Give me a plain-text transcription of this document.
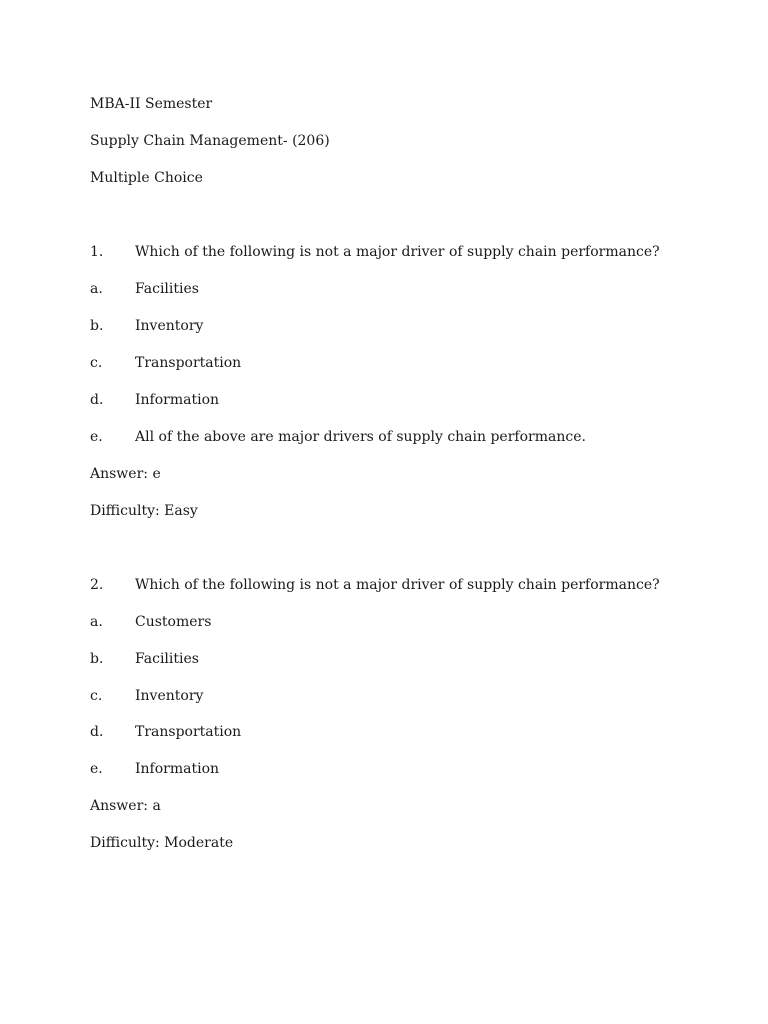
MBA-II Semester
Supply Chain Management- (206)
Multiple Choice
1. Which of the following is not a major driver of supply chain performance?
a. Facilities
b. Inventory
c. Transportation
d. Information
e. All of the above are major drivers of supply chain performance.
Answer: e
Difficulty: Easy
2. Which of the following is not a major driver of supply chain performance?
a. Customers
b. Facilities
c. Inventory
d. Transportation
e. Information
Answer: a
Difficulty: Moderate
